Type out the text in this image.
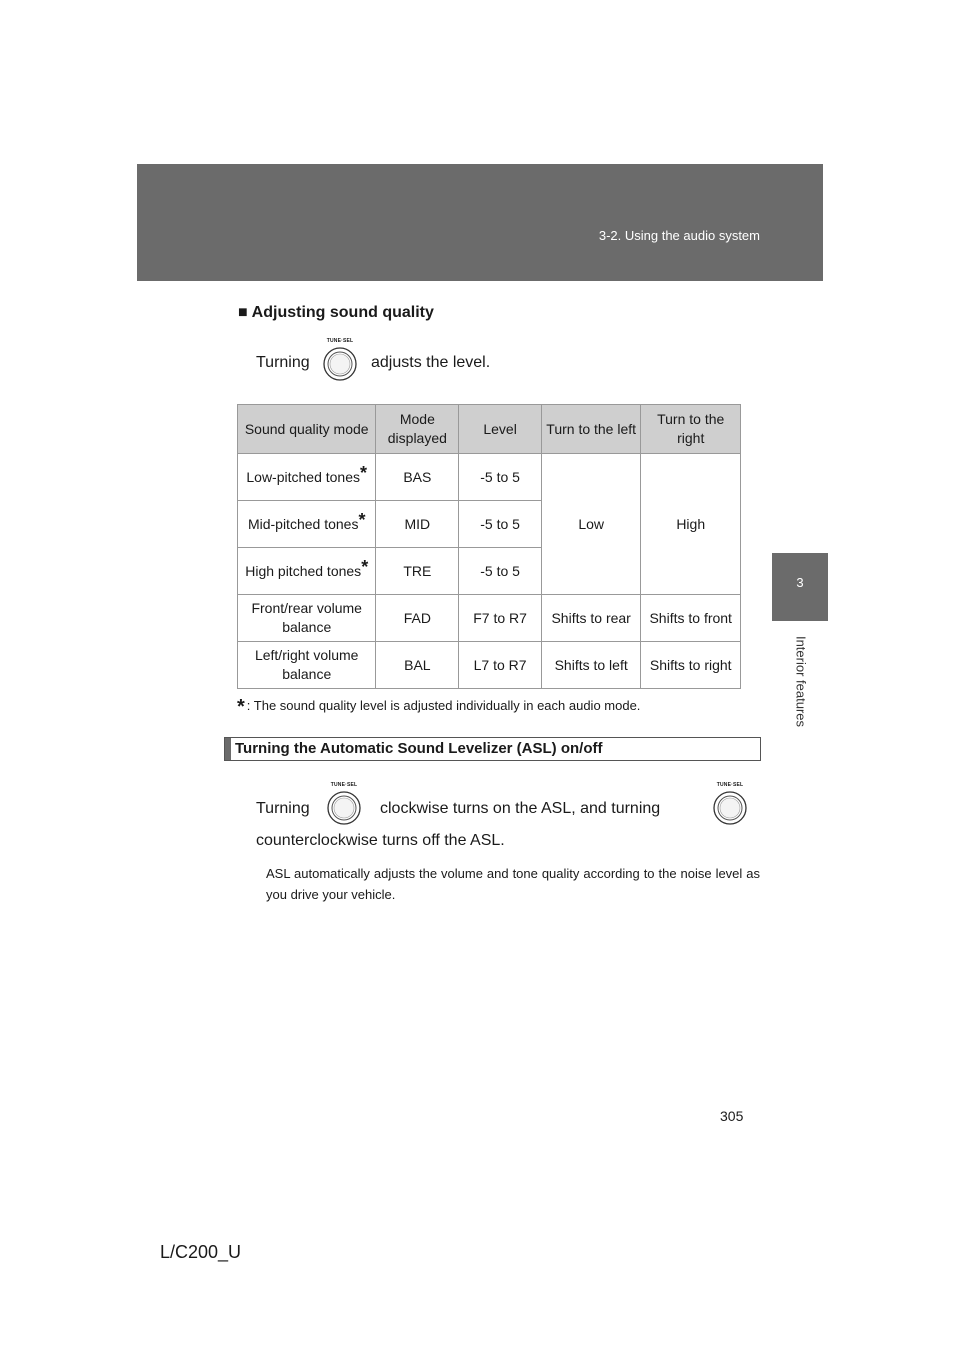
3-2. Using the audio system
3
Interior features
■ Adjusting sound quality
Turning
TUNE·SEL
adjusts the level.
Sound quality mode	Mode displayed	Level	Turn to the left	Turn to the right
Low-pitched tones*	BAS	-5 to 5	Low	High
Mid-pitched tones*	MID	-5 to 5		
High pitched tones*	TRE	-5 to 5		
Front/rear volume balance	FAD	F7 to R7	Shifts to rear	Shifts to front
Left/right volume balance	BAL	L7 to R7	Shifts to left	Shifts to right
* : The sound quality level is adjusted individually in each audio mode.
Turning the Automatic Sound Levelizer (ASL) on/off
Turning
TUNE·SEL
clockwise turns on the ASL, and turning
TUNE·SEL
counterclockwise turns off the ASL.
ASL automatically adjusts the volume and tone quality according to the noise level as you drive your vehicle.
305
L/C200_U
